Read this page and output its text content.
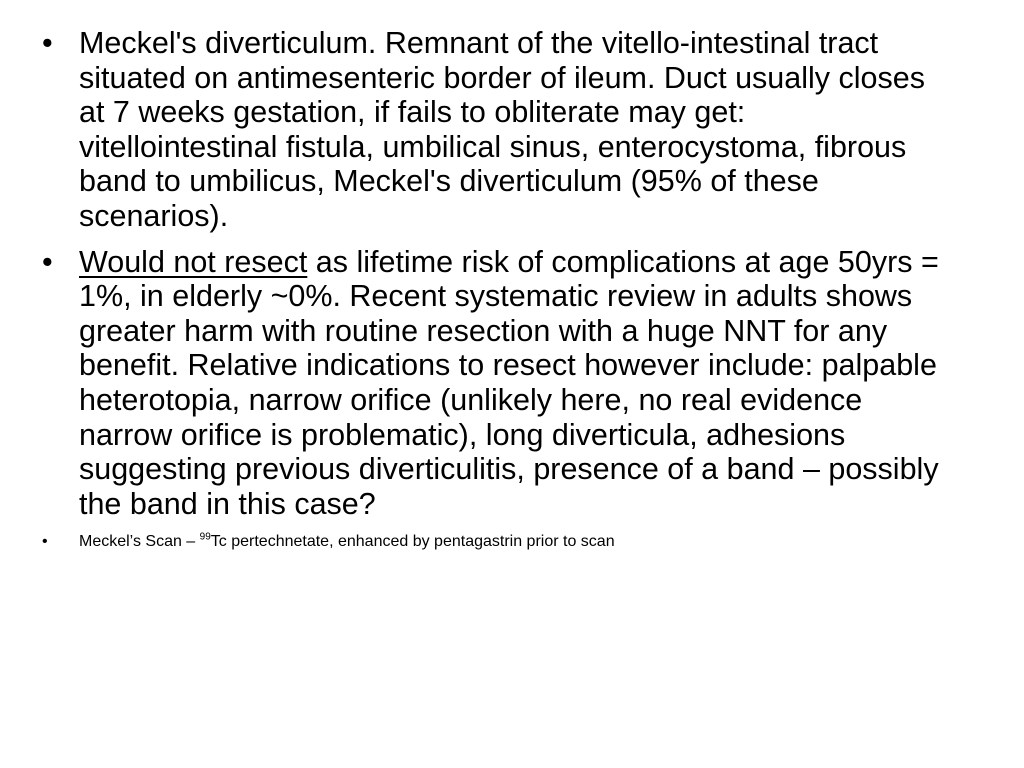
• Meckel's diverticulum. Remnant of the vitello-intestinal tract situated on antimesenteric border of ileum. Duct usually closes at 7 weeks gestation, if fails to obliterate may get: vitellointestinal fistula, umbilical sinus, enterocystoma, fibrous band to umbilicus, Meckel's diverticulum (95% of these scenarios).
• Would not resect as lifetime risk of complications at age 50yrs = 1%, in elderly ~0%. Recent systematic review in adults shows greater harm with routine resection with a huge NNT for any benefit. Relative indications to resect however include: palpable heterotopia, narrow orifice (unlikely here, no real evidence narrow orifice is problematic), long diverticula, adhesions suggesting previous diverticulitis, presence of a band – possibly the band in this case?
• Meckel’s Scan – $^{99}$Tc pertechnetate, enhanced by pentagastrin prior to scan
